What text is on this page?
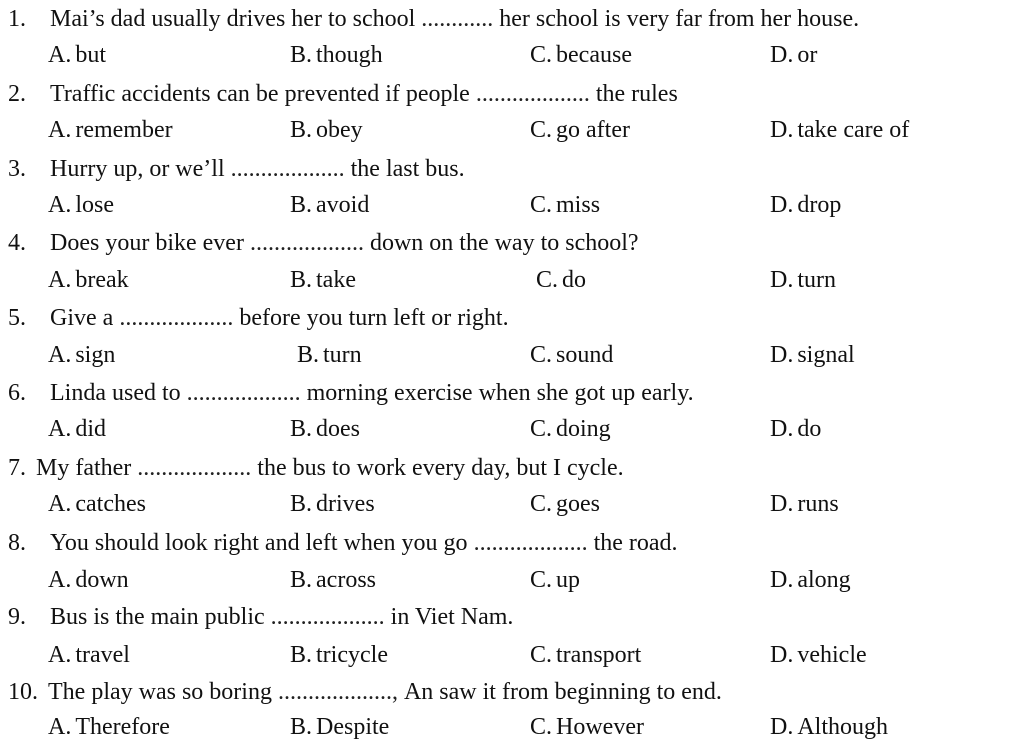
1. Mai’s dad usually drives her to school ............ her school is very far from her house.
A. but	B. though	C. because	D. or
2. Traffic accidents can be prevented if people ................... the rules
A. remember	B. obey	C. go after	D. take care of
3. Hurry up, or we’ll ................... the last bus.
A. lose	B. avoid	C. miss	D. drop
4. Does your bike ever ................... down on the way to school?
A. break	B. take	C. do	D. turn
5. Give a ................... before you turn left or right.
A. sign	B. turn	C. sound	D. signal
6. Linda used to ................... morning exercise when she got up early.
A. did	B. does	C. doing	D. do
7. My father ................... the bus to work every day, but I cycle.
A. catches	B. drives	C. goes	D. runs
8. You should look right and left when you go ................... the road.
A. down	B. across	C. up	D. along
9. Bus is the main public ................... in Viet Nam.
A. travel	B. tricycle	C. transport	D. vehicle
10. The play was so boring ..................., An saw it from beginning to end.
A. Therefore	B. Despite	C. However	D. Although
